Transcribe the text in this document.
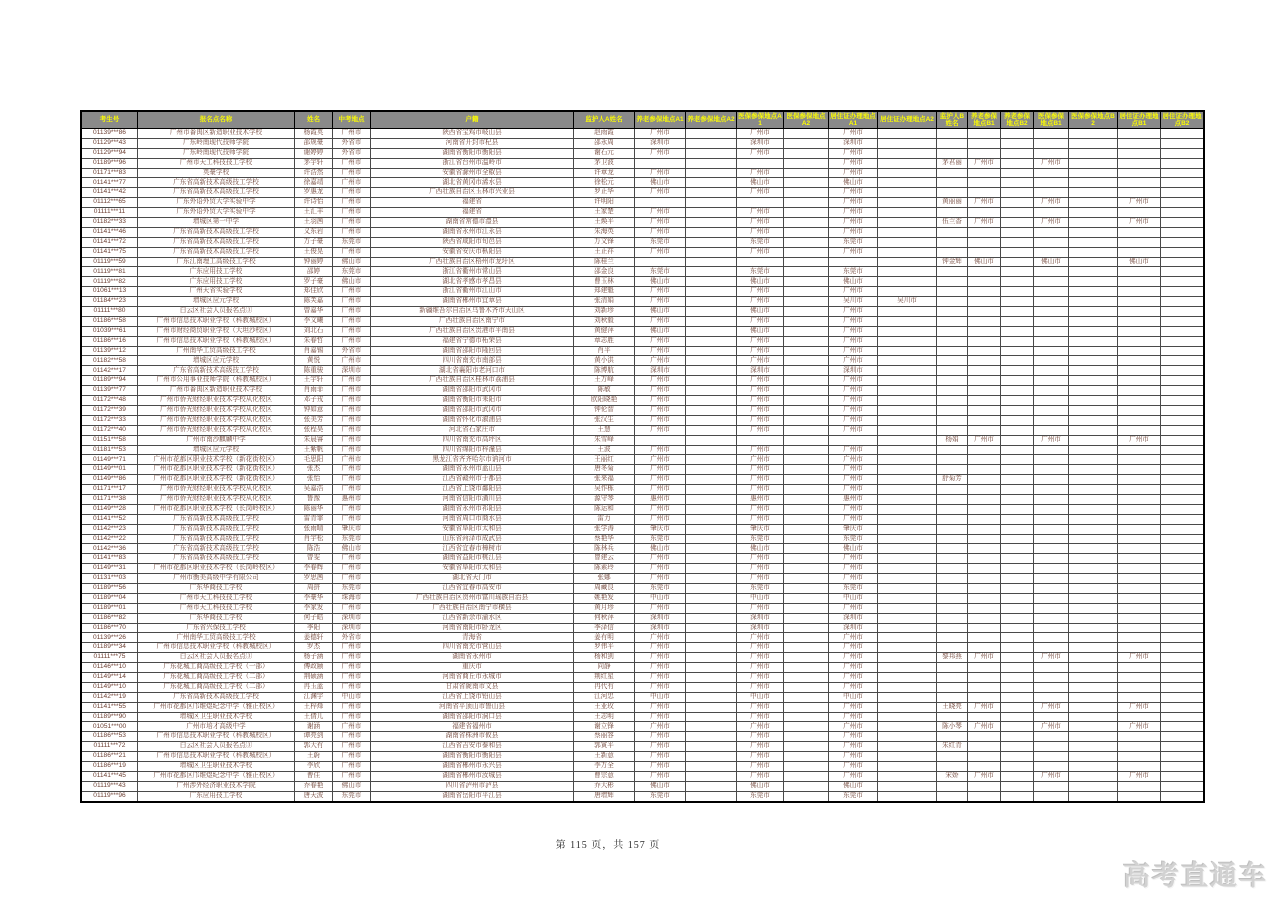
考生号	报名点名称	姓名	中考地点	户籍	监护人A姓名	养老参保地点A1	养老参保地点A2	医保参保地点A1	医保参保地点A2	居住证办理地点A1	居住证办理地点A2	监护人B姓名	养老参保地点B1	养老参保地点B2	医保参保地点B1	医保参保地点B2	居住证办理地点B1	居住证办理地点B2
01139***86	广州市番禺区新造职业技术学校	杨霞英	广州市	陕西省宝鸡市岐山县	赵雨霞	广州市		广州市		广州市								
01129***43	广东岭南现代技师学院	邵规豪	外省市	河南省开封市杞县	邵永周	深圳市		深圳市		深圳市								
01129***94	广东岭南现代技师学院	谢婷婷	外省市	湖南省衡阳市衡阳县	谢石元	广州市		广州市		广州市								
01189***96	广州市天工科技技工学校	茅宇轩	广州市	浙江省台州市温岭市	茅卫波					广州市		茅君丽	广州市		广州市			
01171***83	英豪学校	许浩然	广州市	安徽省滁州市全椒县	许章龙	广州市		广州市		广州市								
01141***77	广东省高新技术高级技工学校	徐嘉靖	广州市	湖北省黄冈市浠水县	徐松元	佛山市		佛山市		佛山市								
01141***42	广东省高新技术高级技工学校	罗惠龙	广州市	广西壮族自治区玉林市兴业县	罗正华	广州市		广州市		广州市								
01112***65	广东外语外贸大学实验中学	许诗怡	广州市	福建省	许明阳					广州市		黄丽丽	广州市		广州市		广州市	
01111***11	广东外语外贸大学实验中学	王汇丰	广州市	福建省	王家楚	广州市		广州市		广州市								
01182***33	增城区第一中学	王羽茜	广州市	湖南省常德市澧县	王焕平	广州市		广州市		广州市		伍兰香	广州市		广州市		广州市	
01141***46	广东省高新技术高级技工学校	义东岩	广州市	湖南省永州市江永县	朱海英	广州市		广州市		广州市								
01141***72	广东省高新技术高级技工学校	万子豪	东莞市	陕西省咸阳市旬邑县	万文锋	东莞市		东莞市		东莞市								
01141***75	广东省高新技术高级技工学校	王俊晃	广州市	安徽省安庆市枞阳县	王正祥	广州市		广州市		广州市								
01119***59	广东江南理工高级技工学校	钟丽婷	佛山市	广西壮族自治区梧州市龙圩区	陈桂兰							钟金辉	佛山市		佛山市		佛山市	
01119***81	广东应用技工学校	邵婷	东莞市	浙江省衢州市常山县	邵金良	东莞市		东莞市		东莞市								
01119***82	广东应用技工学校	罗子豪	佛山市	湖北省孝感市孝昌县	曹玉林	佛山市		佛山市		佛山市								
01061***13	广州天省实验学校	郑佳欣	广州市	浙江省衢州市江山市	郑建魁	广州市		广州市		广州市								
01184***23	增城区应元学校	陈芙嘉	广州市	湖南省郴州市宜章县	张清娟	广州市		广州市		吴川市	吴川市							
01111***80	白云区社会人员报名点③	曾嘉华	广州市	新疆维吾尔自治区乌鲁木齐市天山区	刘新珍	佛山市		佛山市		广州市								
01186***58	广州市信息技术职业学校（科教城校区）	李文曦	广州市	广西壮族自治区南宁市	刘秋毅	广州市		广州市		广州市								
01039***61	广州市财经商贸职业学校（大坦沙校区）	刘北石	广州市	广西壮族自治区贵港市平南县	黄健萍	佛山市		佛山市		广州市								
01186***16	广州市信息技术职业学校（科教城校区）	朱春哲	广州市	福建省宁德市柘荣县	章志胜	广州市		广州市		广州市								
01139***12	广州南华工贸高级技工学校	肖嘉锡	外省市	湖南省邵阳市隆回县	肖平	广州市		广州市		广州市								
01182***58	增城区应元学校	黄悦	广州市	四川省南充市南部县	黄小洪	广州市		广州市		广州市								
01142***17	广东省高新技术高级技工学校	陈重骏	深圳市	湖北省襄阳市老河口市	陈博航	深圳市		深圳市		深圳市								
01189***94	广州市公用事业技师学院（科教城校区）	王宇轩	广州市	广西壮族自治区桂林市荔浦县	王万峰	广州市		广州市		广州市								
01139***77	广州市番禺区新造职业技术学校	肖雨菲	广州市	湖南省邵阳市武冈市	陈敏	广州市		广州市		广州市								
01172***48	广州市侨光财经职业技术学校从化校区	邓子戎	广州市	湖南省衡阳市耒阳市	欧阳晓艳	广州市		广州市		广州市								
01172***39	广州市侨光财经职业技术学校从化校区	钟如意	广州市	湖南省邵阳市武冈市	钟伦智	广州市		广州市		广州市								
01172***33	广州市侨光财经职业技术学校从化校区	张美芳	广州市	湖南省怀化市溆浦县	张汉生	广州市		广州市		广州市								
01172***40	广州市侨光财经职业技术学校从化校区	张程昊	广州市	河北省石家庄市	王慧	广州市		广州市		广州市								
01151***58	广州市南沙麒麟中学	朱晨睿	广州市	四川省南充市高坪区	朱雪峰							杨娟	广州市		广州市		广州市	
01181***53	增城区应元学校	王紫帆	广州市	四川省绵阳市梓潼县	王波	广州市		广州市		广州市								
01149***71	广州市花都区职业技术学校（新花街校区）	毛思阳	广州市	黑龙江省齐齐哈尔市讷河市	王丽红	广州市		广州市		广州市								
01149***01	广州市花都区职业技术学校（新花街校区）	张杰	广州市	湖南省永州市蓝山县	唐冬菊	广州市		广州市		广州市								
01149***86	广州市花都区职业技术学校（新花街校区）	张怡	广州市	江西省赣州市于都县	张来福	广州市		广州市		广州市		舒菊芳						
01171***17	广州市侨光财经职业技术学校从化校区	吴嘉浩	广州市	江西省上饶市鄱阳县	吴作栋	广州市		广州市		广州市								
01171***38	广州市侨光财经职业技术学校从化校区	鲁豫	惠州市	河南省信阳市潢川县	源守琴	惠州市		惠州市		惠州市								
01149***28	广州市花都区职业技术学校（长岗岭校区）	陈丽华	广州市	湖南省永州市祁阳县	陈运和	广州市		广州市		广州市								
01141***52	广东省高新技术高级技工学校	雷青霏	广州市	河南省周口市商水县	雷力	广州市		广州市		广州市								
01142***23	广东省高新技术高级技工学校	张雨晴	肇庆市	安徽省阜阳市太和县	张学涛	肇庆市		肇庆市		肇庆市								
01142***22	广东省高新技术高级技工学校	肖宇松	东莞市	山东省菏泽市成武县	蔡艳华	东莞市		东莞市		东莞市								
01142***36	广东省高新技术高级技工学校	陈浩	佛山市	江西省宜春市樟树市	陈林兵	佛山市		佛山市		佛山市								
01141***83	广东省高新技术高级技工学校	曾雯	广州市	湖南省益阳市桃江县	曾建云	广州市		广州市		广州市								
01149***31	广州市花都区职业技术学校（长岗岭校区）	李春辉	广州市	安徽省阜阳市太和县	陈素玲	广州市		广州市		广州市								
01131***03	广州市衡美高级中学有限公司	罗思茜	广州市	湖北省天门市	张娜	广州市		广州市		广州市								
01189***56	广东华商技工学校	周拼	东莞市	江西省宜春市高安市	周藏良	东莞市		东莞市		东莞市								
01189***04	广州市天工科技技工学校	李豪华	珠海市	广西壮族自治区贺州市富川瑶族自治县	姚艳发	中山市		中山市		中山市								
01189***01	广州市天工科技技工学校	李家发	广州市	广西壮族自治区南宁市横县	黄月珍	广州市		广州市		广州市								
01186***82	广东华商技工学校	何子皓	深圳市	江西省新余市渝水区	何秋萍	深圳市		深圳市		深圳市								
01186***70	广东省兴保技工学校	季阳	深圳市	河南省南阳市卧龙区	季泽信	深圳市		深圳市		深圳市								
01139***26	广州南华工贸高级技工学校	姜德轩	外省市	青海省	姜有明	广州市		广州市		广州市								
01189***34	广州市信息技术职业学校（科教城校区）	罗杰	广州市	四川省南充市营山县	罗伟平	广州市		广州市		广州市								
01111***75	白云区社会人员报名点③	杨子涵	广州市	湖南省永州市	杨和剑	广州市		广州市		广州市		黎邦燕	广州市		广州市		广州市	
01146***10	广东花城工商高级技工学校（一部）	傅政颐	广州市	重庆市	向静	广州市		广州市		广州市								
01149***14	广东花城工商高级技工学校（二部）	荆硕涵	广州市	河南省商丘市永城市	荆红星	广州市		广州市		广州市								
01149***10	广东花城工商高级技工学校（二部）	冉玉蓝	广州市	甘肃省陇南市文县	冉代有	广州市		广州市		广州市								
01142***19	广东省高新技术高级技工学校	江渊宇	中山市	江西省上饶市铅山县	江河忠	中山市		中山市		中山市								
01141***55	广州市花都区邝维煜纪念中学（雅正校区）	王梓烽	广州市	河南省平顶山市鲁山县	王亚玫	广州市		广州市		广州市		王晓亮	广州市		广州市		广州市	
01189***90	增城区卫生职业技术学校	王倩儿	广州市	湖南省邵阳市洞口县	王志明	广州市		广州市		广州市								
01051***00	广州市培才高级中学	谢涵	广州市	福建省福州市	谢立锋	广州市		广州市		广州市		陈小琴	广州市		广州市		广州市	
01186***53	广州市信息技术职业学校（科教城校区）	谭亮剑	广州市	湖南省株洲市攸县	蔡丽容	广州市		广州市		广州市								
01111***72	白云区社会人员报名点③	郭大有	广州市	江西省吉安市泰和县	郭寅平	广州市		广州市		广州市		朱红青						
01186***21	广州市信息技术职业学校（科教城校区）	王蔚	广州市	湖南省衡阳市衡阳县	王新意	广州市		广州市		广州市								
01186***19	增城区卫生职业技术学校	李欣	广州市	湖南省郴州市永兴县	李万全	广州市		广州市		广州市								
01141***45	广州市花都区邝维煜纪念中学（雅正校区）	曹住	广州市	湖南省郴州市汝城县	曹宗意	广州市		广州市		广州市		宋娇	广州市		广州市		广州市	
01119***43	广州涉外经济职业技术学院	乔春艳	佛山市	四川省泸州市泸县	乔大彬	佛山市		佛山市		佛山市								
01119***96	广东应用技工学校	唐天波	东莞市	湖南省岳阳市平江县	唐增辉	东莞市		东莞市		东莞市								
第 115 页，共 157 页
高考直通车
